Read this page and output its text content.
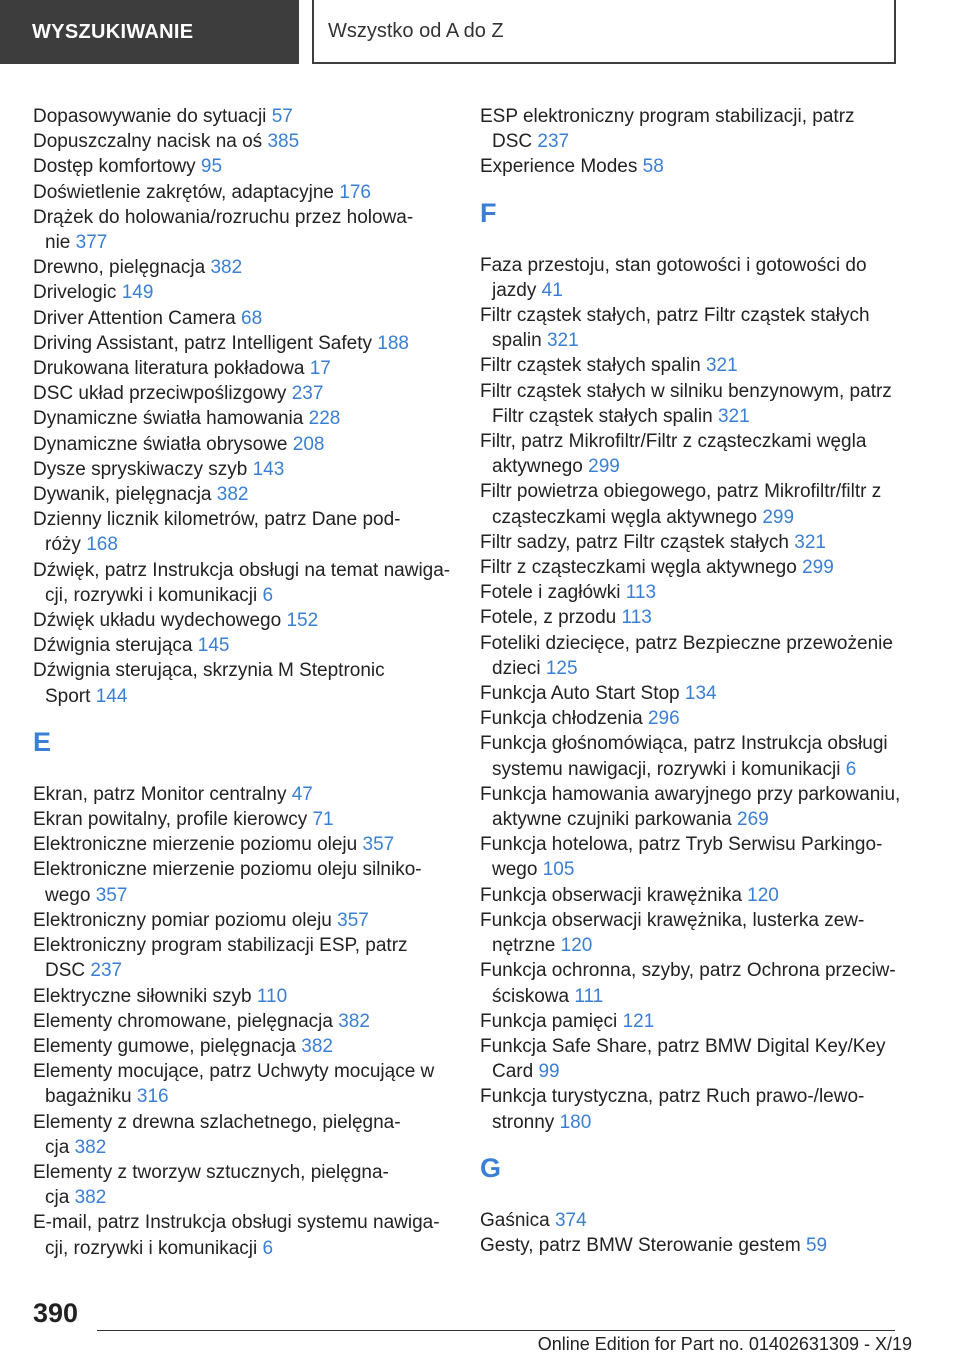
WYSZUKIWANIE	Wszystko od A do Z

Dopasowywanie do sytuacji 57

Dopuszczalny nacisk na oś 385

Dostęp komfortowy 95

Doświetlenie zakrętów, adaptacyjne 176

Drążek do holowania/rozruchu przez holowa-
nie 377

Drewno, pielęgnacja 382

Drivelogic 149

Driver Attention Camera 68

Driving Assistant, patrz Intelligent Safety 188

Drukowana literatura pokładowa 17

DSC układ przeciwpoślizgowy 237

Dynamiczne światła hamowania 228

Dynamiczne światła obrysowe 208

Dysze spryskiwaczy szyb 143

Dywanik, pielęgnacja 382

Dzienny licznik kilometrów, patrz Dane pod-
róży 168

Dźwięk, patrz Instrukcja obsługi na temat nawiga-
cji, rozrywki i komunikacji 6

Dźwięk układu wydechowego 152

Dźwignia sterująca 145

Dźwignia sterująca, skrzynia M Steptronic
Sport 144

E

Ekran, patrz Monitor centralny 47

Ekran powitalny, profile kierowcy 71

Elektroniczne mierzenie poziomu oleju 357

Elektroniczne mierzenie poziomu oleju silniko-
wego 357

Elektroniczny pomiar poziomu oleju 357

Elektroniczny program stabilizacji ESP, patrz
DSC 237

Elektryczne siłowniki szyb 110

Elementy chromowane, pielęgnacja 382

Elementy gumowe, pielęgnacja 382

Elementy mocujące, patrz Uchwyty mocujące w
bagażniku 316

Elementy z drewna szlachetnego, pielęgna-
cja 382

Elementy z tworzyw sztucznych, pielęgna-
cja 382

E-mail, patrz Instrukcja obsługi systemu nawiga-
cji, rozrywki i komunikacji 6

ESP elektroniczny program stabilizacji, patrz
DSC 237

Experience Modes 58

F

Faza przestoju, stan gotowości i gotowości do
jazdy 41

Filtr cząstek stałych, patrz Filtr cząstek stałych
spalin 321

Filtr cząstek stałych spalin 321

Filtr cząstek stałych w silniku benzynowym, patrz
Filtr cząstek stałych spalin 321

Filtr, patrz Mikrofiltr/Filtr z cząsteczkami węgla
aktywnego 299

Filtr powietrza obiegowego, patrz Mikrofiltr/filtr z
cząsteczkami węgla aktywnego 299

Filtr sadzy, patrz Filtr cząstek stałych 321

Filtr z cząsteczkami węgla aktywnego 299

Fotele i zagłówki 113

Fotele, z przodu 113

Foteliki dziecięce, patrz Bezpieczne przewożenie
dzieci 125

Funkcja Auto Start Stop 134

Funkcja chłodzenia 296

Funkcja głośnomówiąca, patrz Instrukcja obsługi
systemu nawigacji, rozrywki i komunikacji 6

Funkcja hamowania awaryjnego przy parkowaniu,
aktywne czujniki parkowania 269

Funkcja hotelowa, patrz Tryb Serwisu Parkingo-
wego 105

Funkcja obserwacji krawężnika 120

Funkcja obserwacji krawężnika, lusterka zew-
nętrzne 120

Funkcja ochronna, szyby, patrz Ochrona przeciw-
ściskowa 111

Funkcja pamięci 121

Funkcja Safe Share, patrz BMW Digital Key/Key
Card 99

Funkcja turystyczna, patrz Ruch prawo-/lewo-
stronny 180

G

Gaśnica 374

Gesty, patrz BMW Sterowanie gestem 59

390
Online Edition for Part no. 01402631309 - X/19
